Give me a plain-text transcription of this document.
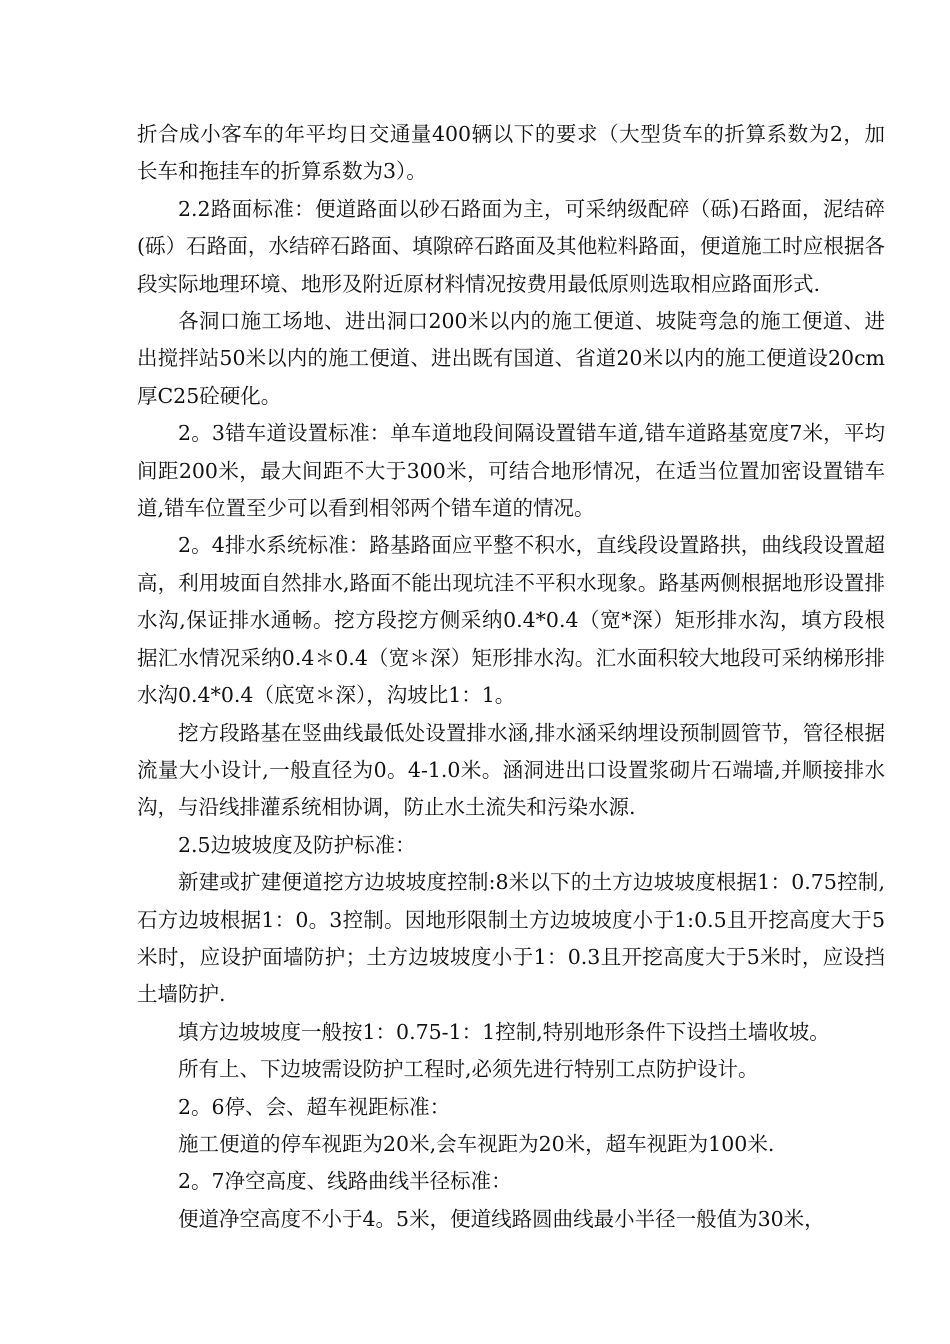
折合成小客车的年平均日交通量400辆以下的要求（大型货车的折算系数为2，加长车和拖挂车的折算系数为3）。

2.2路面标准：便道路面以砂石路面为主，可采纳级配碎（砾)石路面，泥结碎(砾）石路面，水结碎石路面、填隙碎石路面及其他粒料路面，便道施工时应根据各段实际地理环境、地形及附近原材料情况按费用最低原则选取相应路面形式.

各洞口施工场地、进出洞口200米以内的施工便道、坡陡弯急的施工便道、进出搅拌站50米以内的施工便道、进出既有国道、省道20米以内的施工便道设20cm厚C25砼硬化。

2。3错车道设置标准：单车道地段间隔设置错车道,错车道路基宽度7米，平均间距200米，最大间距不大于300米，可结合地形情况，在适当位置加密设置错车道,错车位置至少可以看到相邻两个错车道的情况。

2。4排水系统标准：路基路面应平整不积水，直线段设置路拱，曲线段设置超高，利用坡面自然排水,路面不能出现坑洼不平积水现象。路基两侧根据地形设置排水沟,保证排水通畅。挖方段挖方侧采纳0.4*0.4（宽*深）矩形排水沟，填方段根据汇水情况采纳0.4＊0.4（宽＊深）矩形排水沟。汇水面积较大地段可采纳梯形排水沟0.4*0.4（底宽＊深），沟坡比1：1。

挖方段路基在竖曲线最低处设置排水涵,排水涵采纳埋设预制圆管节，管径根据流量大小设计,一般直径为0。4-1.0米。涵洞进出口设置浆砌片石端墙,并顺接排水沟，与沿线排灌系统相协调，防止水土流失和污染水源.

2.5边坡坡度及防护标准：

新建或扩建便道挖方边坡坡度控制:8米以下的土方边坡坡度根据1：0.75控制,石方边坡根据1：0。3控制。因地形限制土方边坡坡度小于1:0.5且开挖高度大于5米时，应设护面墙防护；土方边坡坡度小于1：0.3且开挖高度大于5米时，应设挡土墙防护.

填方边坡坡度一般按1：0.75-1：1控制,特别地形条件下设挡土墙收坡。

所有上、下边坡需设防护工程时,必须先进行特别工点防护设计。

2。6停、会、超车视距标准：

施工便道的停车视距为20米,会车视距为20米，超车视距为100米.

2。7净空高度、线路曲线半径标准：

便道净空高度不小于4。5米，便道线路圆曲线最小半径一般值为30米，
